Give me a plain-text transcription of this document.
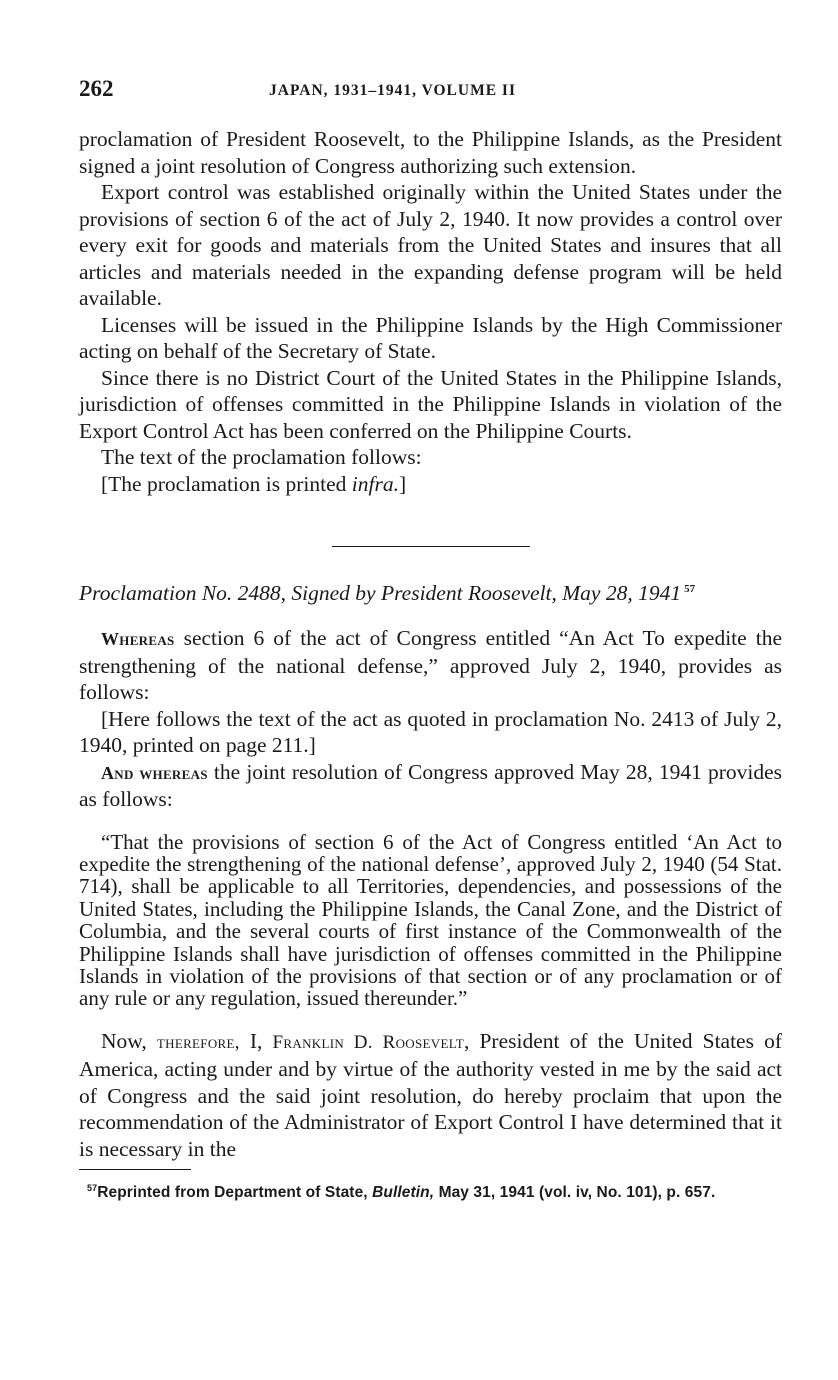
262	JAPAN, 1931–1941, VOLUME II

proclamation of President Roosevelt, to the Philippine Islands, as the President signed a joint resolution of Congress authorizing such extension.

Export control was established originally within the United States under the provisions of section 6 of the act of July 2, 1940. It now provides a control over every exit for goods and materials from the United States and insures that all articles and materials needed in the expanding defense program will be held available.

Licenses will be issued in the Philippine Islands by the High Commissioner acting on behalf of the Secretary of State.

Since there is no District Court of the United States in the Philippine Islands, jurisdiction of offenses committed in the Philippine Islands in violation of the Export Control Act has been conferred on the Philippine Courts.

The text of the proclamation follows:

[The proclamation is printed infra.]

Proclamation No. 2488, Signed by President Roosevelt, May 28, 1941 $^{57}$

Whereas section 6 of the act of Congress entitled “An Act To expedite the strengthening of the national defense,” approved July 2, 1940, provides as follows:

[Here follows the text of the act as quoted in proclamation No. 2413 of July 2, 1940, printed on page 211.]

And whereas the joint resolution of Congress approved May 28, 1941 provides as follows:

“That the provisions of section 6 of the Act of Congress entitled ‘An Act to expedite the strengthening of the national defense’, approved July 2, 1940 (54 Stat. 714), shall be applicable to all Territories, dependencies, and possessions of the United States, including the Philippine Islands, the Canal Zone, and the District of Columbia, and the several courts of first instance of the Commonwealth of the Philippine Islands shall have jurisdiction of offenses committed in the Philippine Islands in violation of the provisions of that section or of any proclamation or of any rule or any regulation, issued thereunder.”

Now, therefore, I, Franklin D. Roosevelt, President of the United States of America, acting under and by virtue of the authority vested in me by the said act of Congress and the said joint resolution, do hereby proclaim that upon the recommendation of the Administrator of Export Control I have determined that it is necessary in the

$^{57}$Reprinted from Department of State, Bulletin, May 31, 1941 (vol. iv, No. 101), p. 657.
